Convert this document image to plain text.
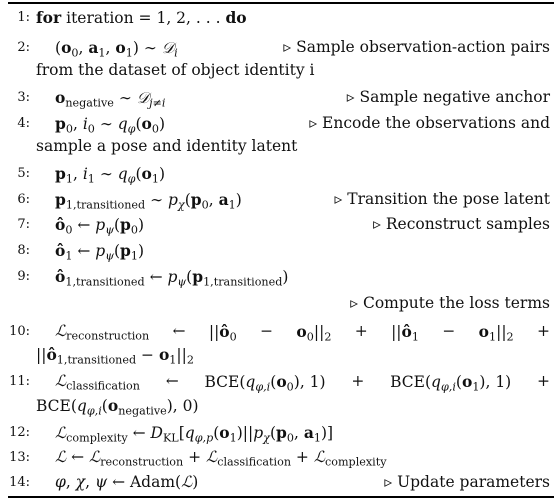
1: for iteration = 1, 2, . . . do
2:	($o_0$, $a_1$, $o_1$) ∼ 𝒟$_i$	▹ Sample observation-action pairs
from the dataset of object identity i
3:	$o_{negative}$ ∼ 𝒟$_{j\ne i}$	▹ Sample negative anchor
4:	$p_0$, $i_0$ ∼ $q_\varphi(o_0)$	▹ Encode the observations and
sample a pose and identity latent
5:	$p_1$, $i_1$ ∼ $q_\varphi(o_1)$
6:	$p_{1,transitioned}$ ∼ $p_\chi(p_0$, $a_1$)	▹ Transition the pose latent
7:	$ô_0$ ← $p_\psi(p_0)$	▹ Reconstruct samples
8:	$ô_1$ ← $p_\psi(p_1)$
9:	$ô_{1,transitioned}$ ← $p_\psi(p_{1,transitioned})$
▹ Compute the loss terms
10: ℒ$_{reconstruction}$ ← $||ô_0 - o_0||_2$ + $||ô_1 - o_1||_2$ +
$||ô_{1,transitioned} - o_1||_2$
11: ℒ$_{classification}$ ← $BCE(q_{\varphi,i}(o_0)$, $1) + BCE(q_{\varphi,i}(o_1)$, 1) +
$BCE(q_{\varphi,i}(o_{negative})$, 0)
12:	ℒ$_{complexity}$ ← $D_{KL}[q_{\varphi,p}(o_1)||p_\chi(p_0$, $a_1$)]
13:	ℒ ← ℒ$_{reconstruction}$ + ℒ$_{classification}$ + ℒ$_{complexity}$
14:	φ, χ, ψ ← Adam(ℒ)	▹ Update parameters
